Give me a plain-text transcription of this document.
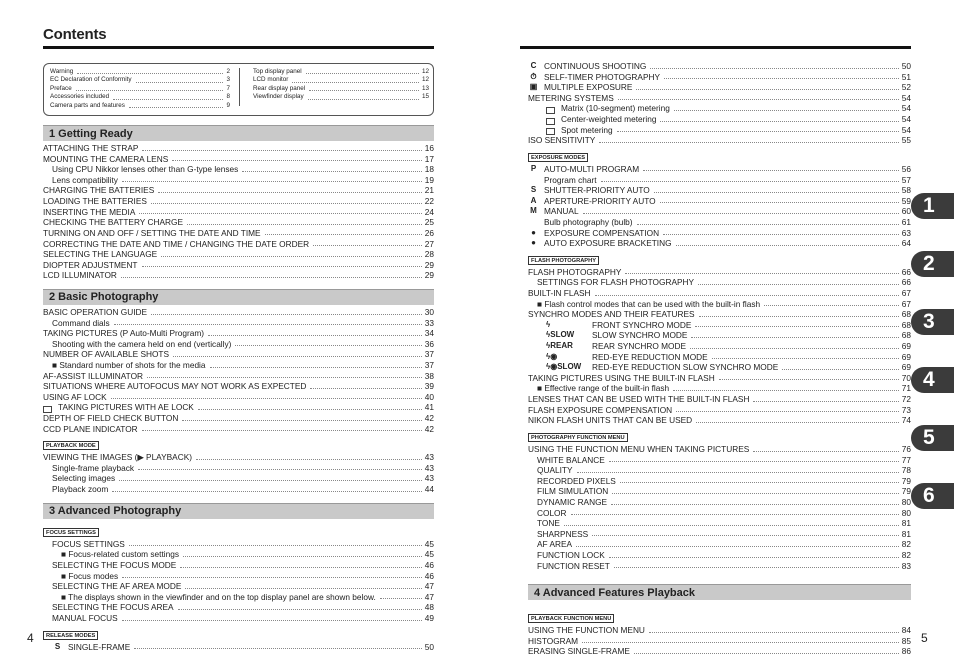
Contents
Warning	2
EC Declaration of Conformity	3
Preface	7
Accessories included	8
Camera parts and features	9
Top display panel	12
LCD monitor	12
Rear display panel	13
Viewfinder display	15
1 Getting Ready
ATTACHING THE STRAP	16
MOUNTING THE CAMERA LENS	17
Using CPU Nikkor lenses other than G-type lenses	18
Lens compatibility	19
CHARGING THE BATTERIES	21
LOADING THE BATTERIES	22
INSERTING THE MEDIA	24
CHECKING THE BATTERY CHARGE	25
TURNING ON AND OFF / SETTING THE DATE AND TIME	26
CORRECTING THE DATE AND TIME / CHANGING THE DATE ORDER	27
SELECTING THE LANGUAGE	28
DIOPTER ADJUSTMENT	29
LCD ILLUMINATOR	29
2 Basic Photography
BASIC OPERATION GUIDE	30
Command dials	33
TAKING PICTURES (P Auto-Multi Program)	34
Shooting with the camera held on end (vertically)	36
NUMBER OF AVAILABLE SHOTS	37
■ Standard number of shots for the media	37
AF-ASSIST ILLUMINATOR	38
SITUATIONS WHERE AUTOFOCUS MAY NOT WORK AS EXPECTED	39
USING AF LOCK	40
TAKING PICTURES WITH AE LOCK	41
DEPTH OF FIELD CHECK BUTTON	42
CCD PLANE INDICATOR	42
PLAYBACK MODE
VIEWING THE IMAGES (▶ PLAYBACK)	43
Single-frame playback	43
Selecting images	43
Playback zoom	44
3 Advanced Photography
FOCUS SETTINGS
FOCUS SETTINGS	45
■ Focus-related custom settings	45
SELECTING THE FOCUS MODE	46
■ Focus modes	46
SELECTING THE AF AREA MODE	47
■ The displays shown in the viewfinder and on the top display panel are shown below.	47
SELECTING THE FOCUS AREA	48
MANUAL FOCUS	49
RELEASE MODES
S SINGLE-FRAME	50
C CONTINUOUS SHOOTING	50
⏱ SELF-TIMER PHOTOGRAPHY	51
▣ MULTIPLE EXPOSURE	52
METERING SYSTEMS	54
Matrix (10-segment) metering	54
Center-weighted metering	54
Spot metering	54
ISO SENSITIVITY	55
EXPOSURE MODES
P AUTO-MULTI PROGRAM	56
Program chart	57
S SHUTTER-PRIORITY AUTO	58
A APERTURE-PRIORITY AUTO	59
M MANUAL	60
Bulb photography (bulb)	61
● EXPOSURE COMPENSATION	63
● AUTO EXPOSURE BRACKETING	64
FLASH PHOTOGRAPHY
FLASH PHOTOGRAPHY	66
SETTINGS FOR FLASH PHOTOGRAPHY	66
BUILT-IN FLASH	67
■ Flash control modes that can be used with the built-in flash	67
SYNCHRO MODES AND THEIR FEATURES	68
ϟ	FRONT SYNCHRO MODE	68
ϟSLOW	SLOW SYNCHRO MODE	68
ϟREAR	REAR SYNCHRO MODE	69
ϟ◉	RED-EYE REDUCTION MODE	69
ϟ◉SLOW	RED-EYE REDUCTION SLOW SYNCHRO MODE	69
TAKING PICTURES USING THE BUILT-IN FLASH	70
■ Effective range of the built-in flash	71
LENSES THAT CAN BE USED WITH THE BUILT-IN FLASH	72
FLASH EXPOSURE COMPENSATION	73
NIKON FLASH UNITS THAT CAN BE USED	74
PHOTOGRAPHY FUNCTION MENU
USING THE FUNCTION MENU WHEN TAKING PICTURES	76
WHITE BALANCE	77
QUALITY	78
RECORDED PIXELS	79
FILM SIMULATION	79
DYNAMIC RANGE	80
COLOR	80
TONE	81
SHARPNESS	81
AF AREA	82
FUNCTION LOCK	82
FUNCTION RESET	83
4 Advanced Features Playback
PLAYBACK FUNCTION MENU
USING THE FUNCTION MENU	84
HISTOGRAM	85
ERASING SINGLE-FRAME	86
1
2
3
4
5
6
4	5
